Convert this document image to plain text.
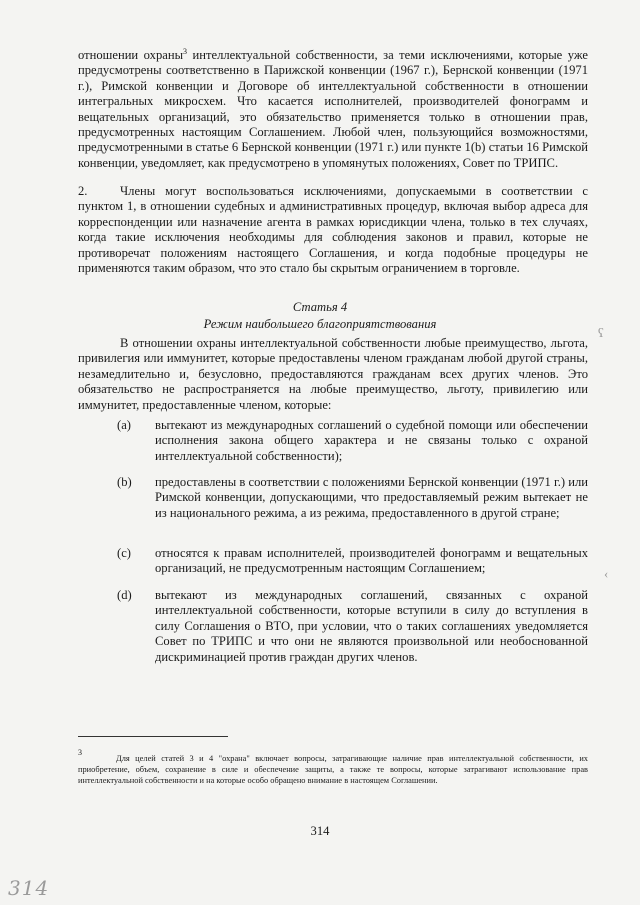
отношении охраны$^3$ интеллектуальной собственности, за теми исключениями, которые уже предусмотрены соответственно в Парижской конвенции (1967 г.), Бернской конвенции (1971 г.), Римской конвенции и Договоре об интеллектуальной собственности в отношении интегральных микросхем. Что касается исполнителей, производителей фонограмм и вещательных организаций, это обязательство применяется только в отношении прав, предусмотренных настоящим Соглашением. Любой член, пользующийся возможностями, предусмотренными в статье 6 Бернской конвенции (1971 г.) или пункте 1(b) статьи 16 Римской конвенции, уведомляет, как предусмотрено в упомянутых положениях, Совет по ТРИПС.

2.	Члены могут воспользоваться исключениями, допускаемыми в соответствии с пунктом 1, в отношении судебных и административных процедур, включая выбор адреса для корреспонденции или назначение агента в рамках юрисдикции члена, только в тех случаях, когда такие исключения необходимы для соблюдения законов и правил, которые не противоречат положениям настоящего Соглашения, и когда подобные процедуры не применяются таким образом, что это стало бы скрытым ограничением в торговле.

Статья 4
Режим наибольшего благоприятствования

В отношении охраны интеллектуальной собственности любые преимущество, льгота, привилегия или иммунитет, которые предоставлены членом гражданам любой другой страны, незамедлительно и, безусловно, предоставляются гражданам всех других членов. Это обязательство не распространяется на любые преимущество, льготу, привилегию или иммунитет, предоставленные членом, которые:

(a) вытекают из международных соглашений о судебной помощи или обеспечении исполнения закона общего характера и не связаны только с охраной интеллектуальной собственности);

(b) предоставлены в соответствии с положениями Бернской конвенции (1971 г.) или Римской конвенции, допускающими, что предоставляемый режим вытекает не из национального режима, а из режима, предоставленного в другой стране;

(c) относятся к правам исполнителей, производителей фонограмм и вещательных организаций, не предусмотренным настоящим Соглашением;

(d) вытекают из международных соглашений, связанных с охраной интеллектуальной собственности, которые вступили в силу до вступления в силу Соглашения о ВТО, при условии, что о таких соглашениях уведомляется Совет по ТРИПС и что они не являются произвольной или необоснованной дискриминацией против граждан других членов.

3

Для целей статей 3 и 4 "охрана" включает вопросы, затрагивающие наличие прав интеллектуальной собственности, их приобретение, объем, сохранение в силе и обеспечение защиты, а также те вопросы, которые затрагивают использование прав интеллектуальной собственности и на которые особо обращено внимание в настоящем Соглашении.

314
314
ʕ
‹
